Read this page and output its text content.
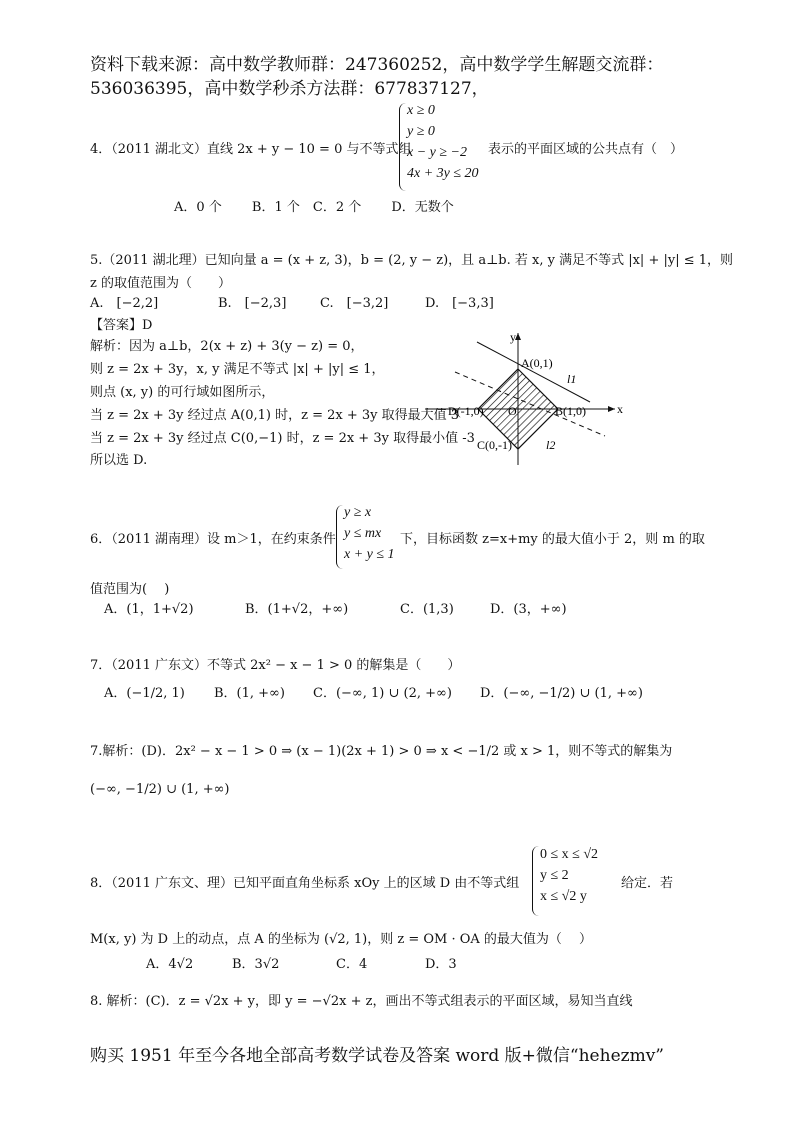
资料下载来源：高中数学教师群：247360252，高中数学学生解题交流群：
536036395，高中数学秒杀方法群：677837127，
4．（2011 湖北文）直线 2x + y − 10 = 0 与不等式组
x ≥ 0
y ≥ 0
x − y ≥ −2
4x + 3y ≤ 20
表示的平面区域的公共点有（　）
A．0 个　　 B．1 个　C．2 个　　 D．无数个
5.（2011 湖北理）已知向量 a = (x + z, 3)，b = (2, y − z)，且 a⊥b. 若 x, y 满足不等式 |x| + |y| ≤ 1，则
z 的取值范围为（　　）
A.　[−2,2]	B.　[−2,3]	C.　[−3,2]	D.　[−3,3]
【答案】D
解析：因为 a⊥b，2(x + z) + 3(y − z) = 0，
则 z = 2x + 3y，x, y 满足不等式 |x| + |y| ≤ 1，
则点 (x, y) 的可行域如图所示，
当 z = 2x + 3y 经过点 A(0,1) 时，z = 2x + 3y 取得最大值 3
当 z = 2x + 3y 经过点 C(0,−1) 时，z = 2x + 3y 取得最小值 -3
所以选 D.
y
x
O
A(0,1)
B(1,0)
C(0,-1)
D(-1,0)
l1
l2
6．（2011 湖南理）设 m＞1，在约束条件
y ≥ x
y ≤ mx
x + y ≤ 1
下，目标函数 z=x+my 的最大值小于 2，则 m 的取
值范围为(　 )
A．(1，1+√2)	B．(1+√2，+∞)	C．(1,3)	D．(3，+∞)
7．（2011 广东文）不等式 2x² − x − 1 > 0 的解集是（　　）
A．(−1/2, 1) B．(1, +∞) C．(−∞, 1) ∪ (2, +∞) D．(−∞, −1/2) ∪ (1, +∞)
7.解析：(D)．2x² − x − 1 > 0 ⇒ (x − 1)(2x + 1) > 0 ⇒ x < −1/2 或 x > 1，则不等式的解集为
(−∞, −1/2) ∪ (1, +∞)
8．（2011 广东文、理）已知平面直角坐标系 xOy 上的区域 D 由不等式组
0 ≤ x ≤ √2
y ≤ 2
x ≤ √2 y
给定．若
M(x, y) 为 D 上的动点，点 A 的坐标为 (√2, 1)，则 z = OM · OA 的最大值为（　 ）
A．4√2	B．3√2	C．4	D．3
8. 解析：(C)．z = √2x + y，即 y = −√2x + z，画出不等式组表示的平面区域，易知当直线
购买 1951 年至今各地全部高考数学试卷及答案 word 版+微信“hehezmv”
